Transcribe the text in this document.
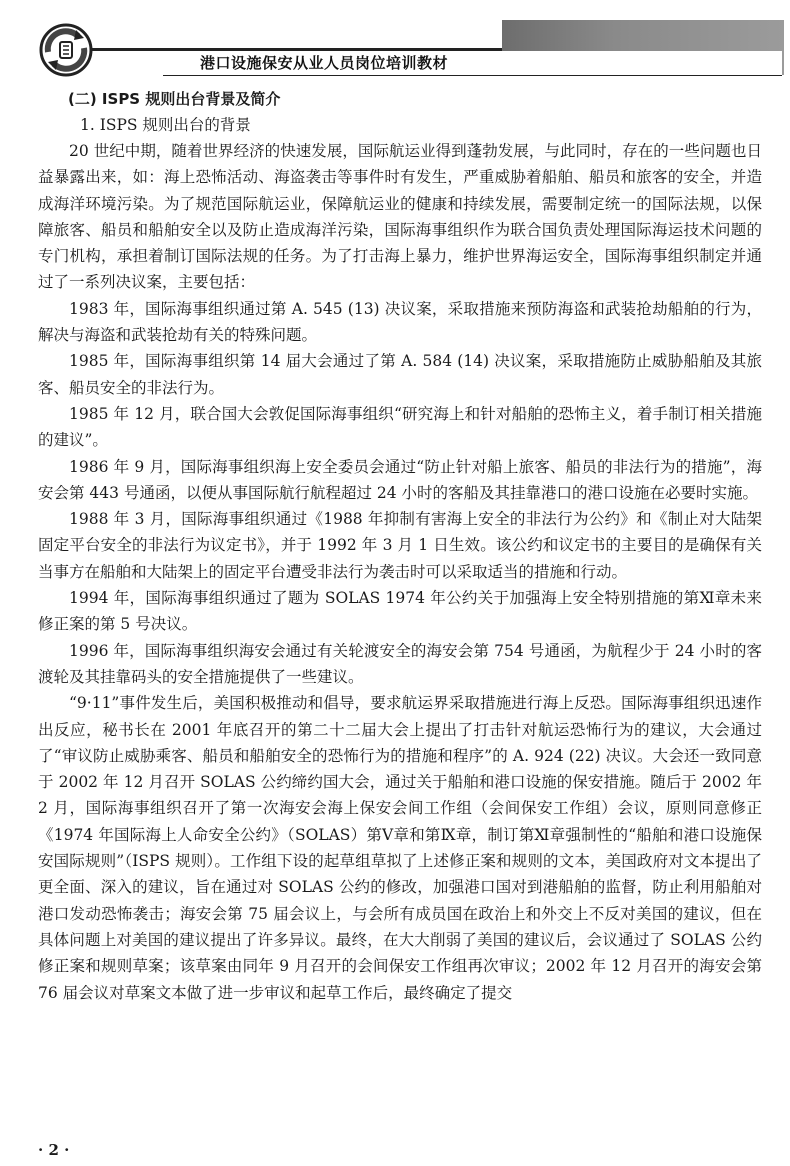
港口设施保安从业人员岗位培训教材

(二) ISPS 规则出台背景及简介

1. ISPS 规则出台的背景

20 世纪中期，随着世界经济的快速发展，国际航运业得到蓬勃发展，与此同时，存在的一些问题也日益暴露出来，如：海上恐怖活动、海盗袭击等事件时有发生，严重威胁着船舶、船员和旅客的安全，并造成海洋环境污染。为了规范国际航运业，保障航运业的健康和持续发展，需要制定统一的国际法规，以保障旅客、船员和船舶安全以及防止造成海洋污染，国际海事组织作为联合国负责处理国际海运技术问题的专门机构，承担着制订国际法规的任务。为了打击海上暴力，维护世界海运安全，国际海事组织制定并通过了一系列决议案，主要包括：

1983 年，国际海事组织通过第 A. 545 (13) 决议案，采取措施来预防海盗和武装抢劫船舶的行为，解决与海盗和武装抢劫有关的特殊问题。

1985 年，国际海事组织第 14 届大会通过了第 A. 584 (14) 决议案，采取措施防止威胁船舶及其旅客、船员安全的非法行为。

1985 年 12 月，联合国大会敦促国际海事组织“研究海上和针对船舶的恐怖主义，着手制订相关措施的建议”。

1986 年 9 月，国际海事组织海上安全委员会通过“防止针对船上旅客、船员的非法行为的措施”，海安会第 443 号通函，以便从事国际航行航程超过 24 小时的客船及其挂靠港口的港口设施在必要时实施。

1988 年 3 月，国际海事组织通过《1988 年抑制有害海上安全的非法行为公约》和《制止对大陆架固定平台安全的非法行为议定书》，并于 1992 年 3 月 1 日生效。该公约和议定书的主要目的是确保有关当事方在船舶和大陆架上的固定平台遭受非法行为袭击时可以采取适当的措施和行动。

1994 年，国际海事组织通过了题为 SOLAS 1974 年公约关于加强海上安全特别措施的第Ⅺ章未来修正案的第 5 号决议。

1996 年，国际海事组织海安会通过有关轮渡安全的海安会第 754 号通函，为航程少于 24 小时的客渡轮及其挂靠码头的安全措施提供了一些建议。

“9·11”事件发生后，美国积极推动和倡导，要求航运界采取措施进行海上反恐。国际海事组织迅速作出反应，秘书长在 2001 年底召开的第二十二届大会上提出了打击针对航运恐怖行为的建议，大会通过了“审议防止威胁乘客、船员和船舶安全的恐怖行为的措施和程序”的 A. 924 (22) 决议。大会还一致同意于 2002 年 12 月召开 SOLAS 公约缔约国大会，通过关于船舶和港口设施的保安措施。随后于 2002 年 2 月，国际海事组织召开了第一次海安会海上保安会间工作组（会间保安工作组）会议，原则同意修正《1974 年国际海上人命安全公约》（SOLAS）第Ⅴ章和第Ⅸ章，制订第Ⅺ章强制性的“船舶和港口设施保安国际规则”（ISPS 规则）。工作组下设的起草组草拟了上述修正案和规则的文本，美国政府对文本提出了更全面、深入的建议，旨在通过对 SOLAS 公约的修改，加强港口国对到港船舶的监督，防止利用船舶对港口发动恐怖袭击；海安会第 75 届会议上，与会所有成员国在政治上和外交上不反对美国的建议，但在具体问题上对美国的建议提出了许多异议。最终，在大大削弱了美国的建议后，会议通过了 SOLAS 公约修正案和规则草案；该草案由同年 9 月召开的会间保安工作组再次审议；2002 年 12 月召开的海安会第 76 届会议对草案文本做了进一步审议和起草工作后，最终确定了提交

· 2 ·
